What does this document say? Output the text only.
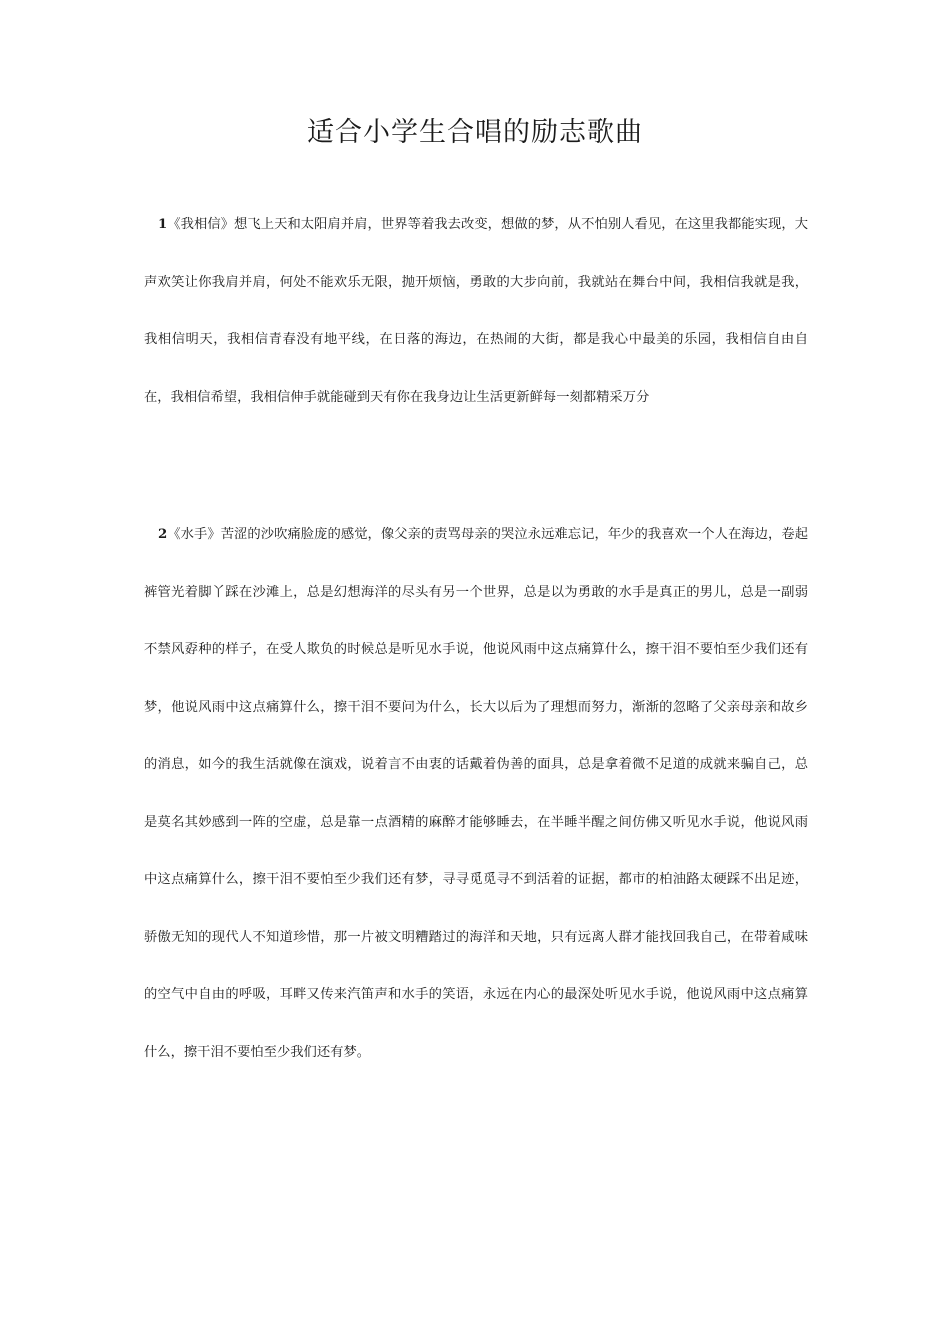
适合小学生合唱的励志歌曲

1《我相信》想飞上天和太阳肩并肩，世界等着我去改变，想做的梦，从不怕别人看见，在这里我都能实现，大声欢笑让你我肩并肩，何处不能欢乐无限，抛开烦恼，勇敢的大步向前，我就站在舞台中间，我相信我就是我，我相信明天，我相信青春没有地平线，在日落的海边，在热闹的大街，都是我心中最美的乐园，我相信自由自在，我相信希望，我相信伸手就能碰到天有你在我身边让生活更新鲜每一刻都精采万分

2《水手》苦涩的沙吹痛脸庞的感觉，像父亲的责骂母亲的哭泣永远难忘记，年少的我喜欢一个人在海边，卷起裤管光着脚丫踩在沙滩上，总是幻想海洋的尽头有另一个世界，总是以为勇敢的水手是真正的男儿，总是一副弱不禁风孬种的样子，在受人欺负的时候总是听见水手说，他说风雨中这点痛算什么，擦干泪不要怕至少我们还有梦，他说风雨中这点痛算什么，擦干泪不要问为什么，长大以后为了理想而努力，渐渐的忽略了父亲母亲和故乡的消息，如今的我生活就像在演戏，说着言不由衷的话戴着伪善的面具，总是拿着微不足道的成就来骗自己，总是莫名其妙感到一阵的空虚，总是靠一点酒精的麻醉才能够睡去，在半睡半醒之间仿佛又听见水手说，他说风雨中这点痛算什么，擦干泪不要怕至少我们还有梦，寻寻觅觅寻不到活着的证据，都市的柏油路太硬踩不出足迹，骄傲无知的现代人不知道珍惜，那一片被文明糟踏过的海洋和天地，只有远离人群才能找回我自己，在带着咸味的空气中自由的呼吸，耳畔又传来汽笛声和水手的笑语，永远在内心的最深处听见水手说，他说风雨中这点痛算什么，擦干泪不要怕至少我们还有梦。
